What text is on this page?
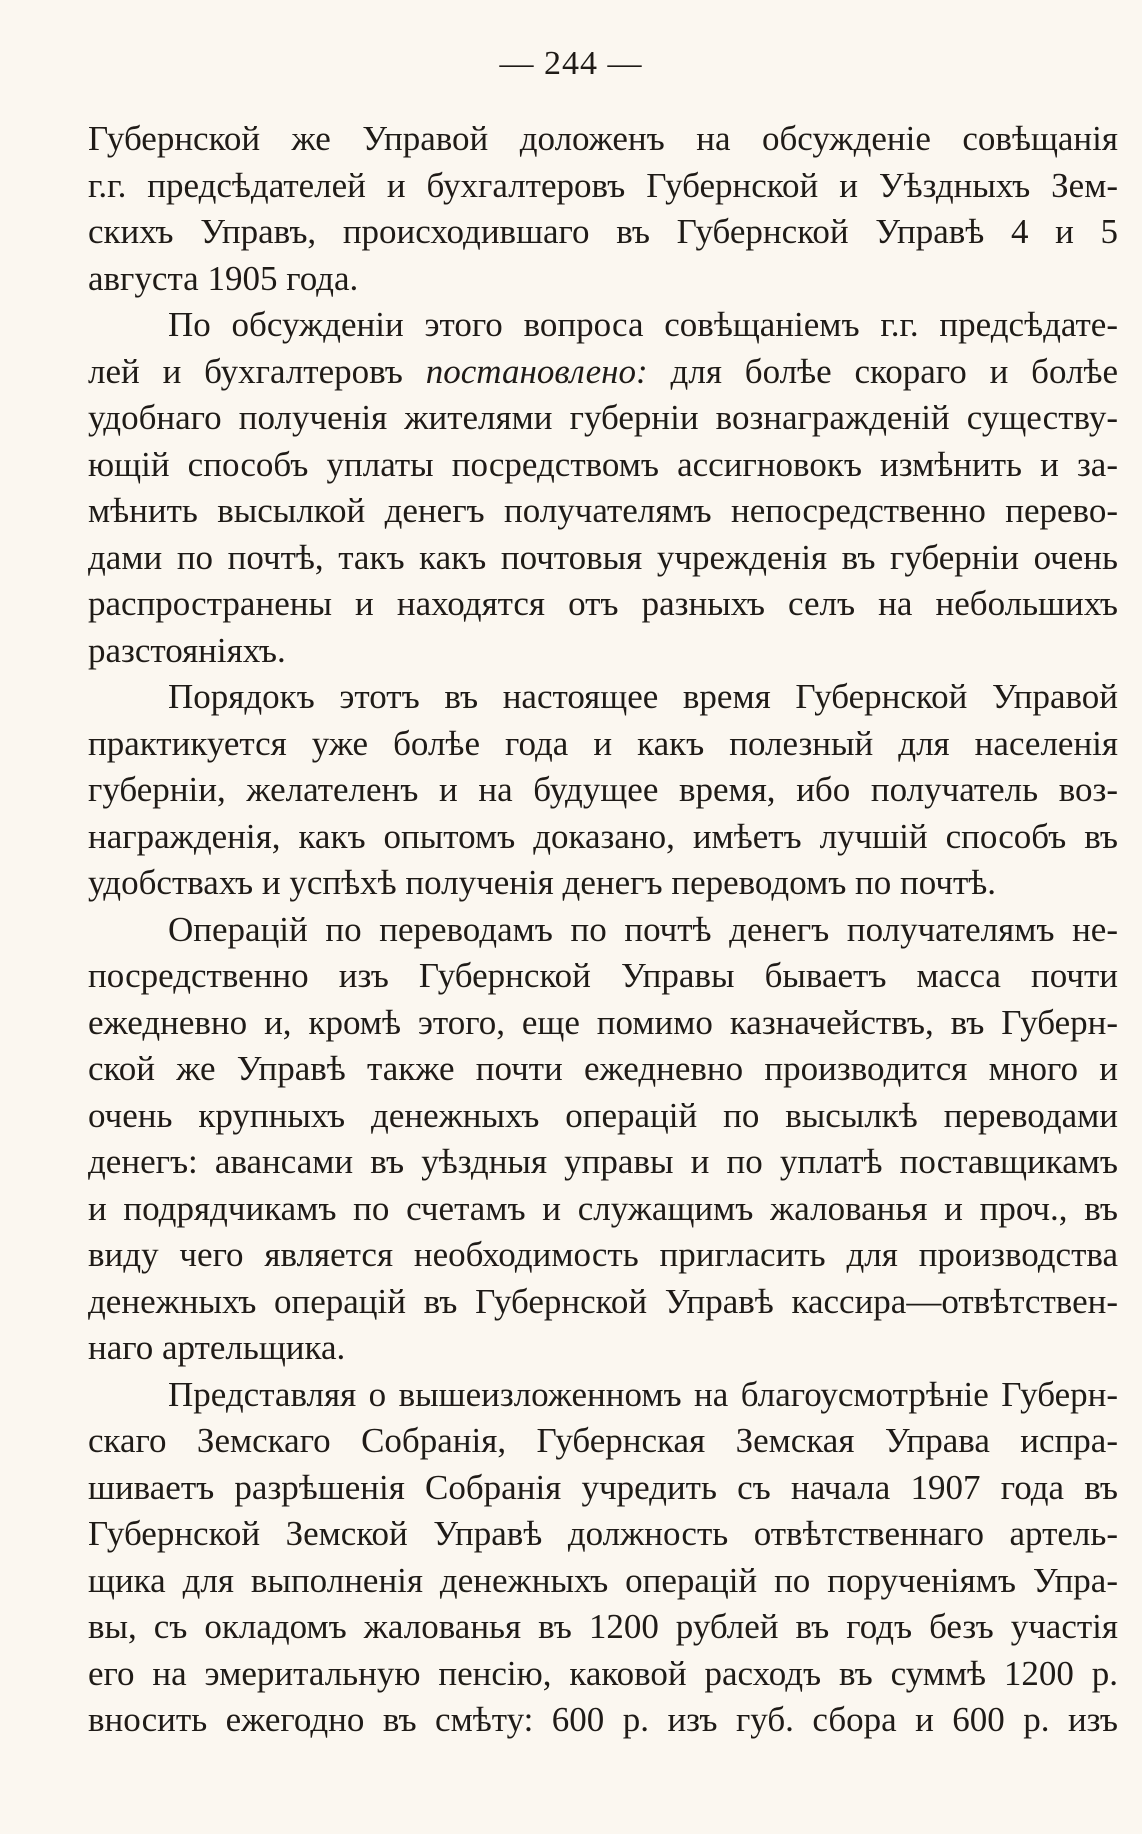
— 244 —

Губернской же Управой доложенъ на обсужденіе совѣщанія
г.г. предсѣдателей и бухгалтеровъ Губернской и Уѣздныхъ Зем-
скихъ Управъ, происходившаго въ Губернской Управѣ 4 и 5
августа 1905 года.

По обсужденіи этого вопроса совѣщаніемъ г.г. предсѣдате-
лей и бухгалтеровъ постановлено: для болѣе скораго и болѣе
удобнаго полученія жителями губерніи вознагражденій существу-
ющій способъ уплаты посредствомъ ассигновокъ измѣнить и за-
мѣнить высылкой денегъ получателямъ непосредственно перево-
дами по почтѣ, такъ какъ почтовыя учрежденія въ губерніи очень
распространены и находятся отъ разныхъ селъ на небольшихъ
разстояніяхъ.

Порядокъ этотъ въ настоящее время Губернской Управой
практикуется уже болѣе года и какъ полезный для населенія
губерніи, желателенъ и на будущее время, ибо получатель воз-
награжденія, какъ опытомъ доказано, имѣетъ лучшій способъ въ
удобствахъ и успѣхѣ полученія денегъ переводомъ по почтѣ.

Операцій по переводамъ по почтѣ денегъ получателямъ не-
посредственно изъ Губернской Управы бываетъ масса почти
ежедневно и, кромѣ этого, еще помимо казначействъ, въ Губерн-
ской же Управѣ также почти ежедневно производится много и
очень крупныхъ денежныхъ операцій по высылкѣ переводами
денегъ: авансами въ уѣздныя управы и по уплатѣ поставщикамъ
и подрядчикамъ по счетамъ и служащимъ жалованья и проч., въ
виду чего является необходимость пригласить для производства
денежныхъ операцій въ Губернской Управѣ кассира—отвѣтствен-
наго артельщика.

Представляя о вышеизложенномъ на благоусмотрѣніе Губерн-
скаго Земскаго Собранія, Губернская Земская Управа испра-
шиваетъ разрѣшенія Собранія учредить съ начала 1907 года въ
Губернской Земской Управѣ должность отвѣтственнаго артель-
щика для выполненія денежныхъ операцій по порученіямъ Упра-
вы, съ окладомъ жалованья въ 1200 рублей въ годъ безъ участія
его на эмеритальную пенсію, каковой расходъ въ суммѣ 1200 р.
вносить ежегодно въ смѣту: 600 р. изъ губ. сбора и 600 р. изъ
